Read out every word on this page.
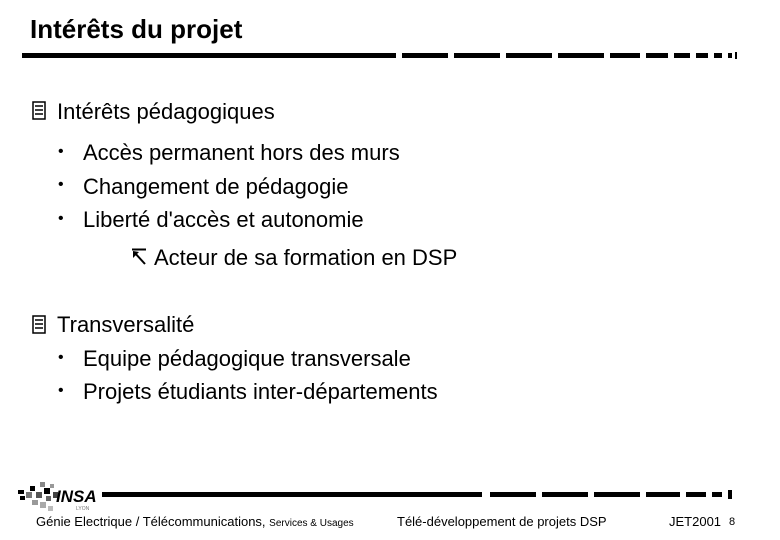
Intérêts du projet
Intérêts pédagogiques
• Accès permanent hors des murs
• Changement de pédagogie
• Liberté d'accès et autonomie
Acteur de sa formation en DSP
Transversalité
• Equipe pédagogique transversale
• Projets étudiants inter-départements
INSA
LYON
Génie Electrique / Télécommunications, Services & Usages	Télé-développement de projets DSP	JET2001 8
